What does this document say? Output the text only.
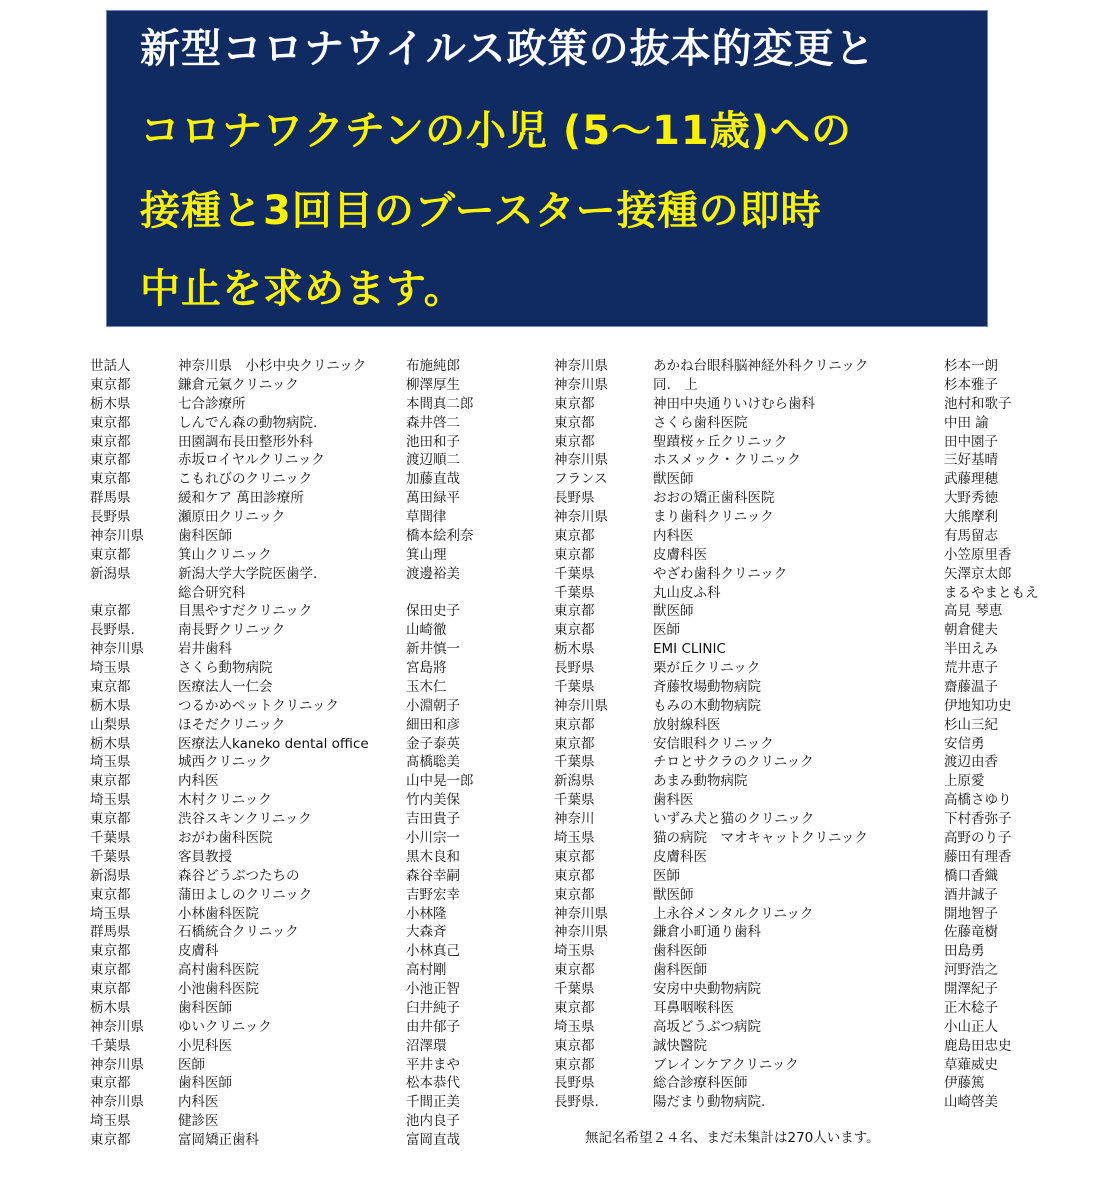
新型コロナウイルス政策の抜本的変更と
コロナワクチンの小児 (5～11歳)への
接種と3回目のブースター接種の即時
中止を求めます。
世話人	神奈川県　小杉中央クリニック	布施純郎
東京都	鎌倉元氣クリニック	柳澤厚生
栃木県	七合診療所	本間真二郎
東京都	しんでん森の動物病院.	森井啓二
東京都	田園調布長田整形外科	池田和子
東京都	赤坂ロイヤルクリニック	渡辺順二
東京都	こもれびのクリニック	加藤直哉
群馬県	緩和ケア 萬田診療所	萬田緑平
長野県	瀬原田クリニック	草間律
神奈川県	歯科医師	橋本絵利奈
東京都	箕山クリニック	箕山理
新潟県	新潟大学大学院医歯学.	渡邊裕美
総合研究科
東京都	目黒やすだクリニック	保田史子
長野県.	南長野クリニック	山崎徹
神奈川県	岩井歯科	新井慎一
埼玉県	さくら動物病院	宮島將
東京都	医療法人一仁会	玉木仁
栃木県	つるかめペットクリニック	小淵朝子
山梨県	ほそだクリニック	細田和彦
栃木県	医療法人kaneko dental office	金子泰英
埼玉県	城西クリニック	髙橋聡美
東京都	内科医	山中晃一郎
埼玉県	木村クリニック	竹内美保
東京都	渋谷スキンクリニック	吉田貴子
千葉県	おがわ歯科医院	小川宗一
千葉県	客員教授	黒木良和
新潟県	森谷どうぶつたちの	森谷幸嗣
東京都	蒲田よしのクリニック	吉野宏幸
埼玉県	小林歯科医院	小林隆
群馬県	石橋統合クリニック	大森斉
東京都	皮膚科	小林真己
東京都	高村歯科医院	高村剛
東京都	小池歯科医院	小池正智
栃木県	歯科医師	臼井純子
神奈川県	ゆいクリニック	由井郁子
千葉県	小児科医	沼澤環
神奈川県	医師	平井まや
東京都	歯科医師	松本恭代
神奈川県	内科医	千間正美
埼玉県	健診医	池内良子
東京都	富岡矯正歯科	富岡直哉
神奈川県	あかね台眼科脳神経外科クリニック	杉本一朗
神奈川県	同.　上	杉本雅子
東京都	神田中央通りいけむら歯科	池村和歌子
東京都	さくら歯科医院	中田 諭
東京都	聖蹟桜ヶ丘クリニック	田中園子
神奈川県	ホスメック・クリニック	三好基晴
フランス	獣医師	武藤理穂
長野県	おおの矯正歯科医院	大野秀徳
神奈川県	まり歯科クリニック	大熊摩利
東京都	内科医	有馬留志
東京都	皮膚科医	小笠原里香
千葉県	やざわ歯科クリニック	矢澤京太郎
千葉県	丸山皮ふ科	まるやまともえ
東京都	獣医師	高見 琴恵
東京都	医師	朝倉健夫
栃木県	EMI CLINIC	半田えみ
長野県	栗が丘クリニック	荒井恵子
千葉県	斉藤牧場動物病院	齋藤温子
神奈川県	もみの木動物病院	伊地知功史
東京都	放射線科医	杉山三紀
東京都	安信眼科クリニック	安信勇
千葉県	チロとサクラのクリニック	渡辺由香
新潟県	あまみ動物病院	上原愛
千葉県	歯科医	高橋さゆり
神奈川	いずみ犬と猫のクリニック	下村香弥子
埼玉県	猫の病院　マオキャットクリニック	高野のり子
東京都	皮膚科医	藤田有理香
東京都	医師	橋口香織
東京都	獣医師	酒井誠子
神奈川県	上永谷メンタルクリニック	開地智子
神奈川県	鎌倉小町通り歯科	佐藤竜樹
埼玉県	歯科医師	田島勇
東京都	歯科医師	河野浩之
千葉県	安房中央動物病院	開澤紀子
東京都	耳鼻咽喉科医	正木稔子
埼玉県	高坂どうぶつ病院	小山正人
東京都	誠快醫院	鹿島田忠史
東京都	ブレインケアクリニック	草薙威史
長野県	総合診療科医師	伊藤篤
長野県.	陽だまり動物病院.	山崎啓美
無記名希望２４名、まだ未集計は270人います。
